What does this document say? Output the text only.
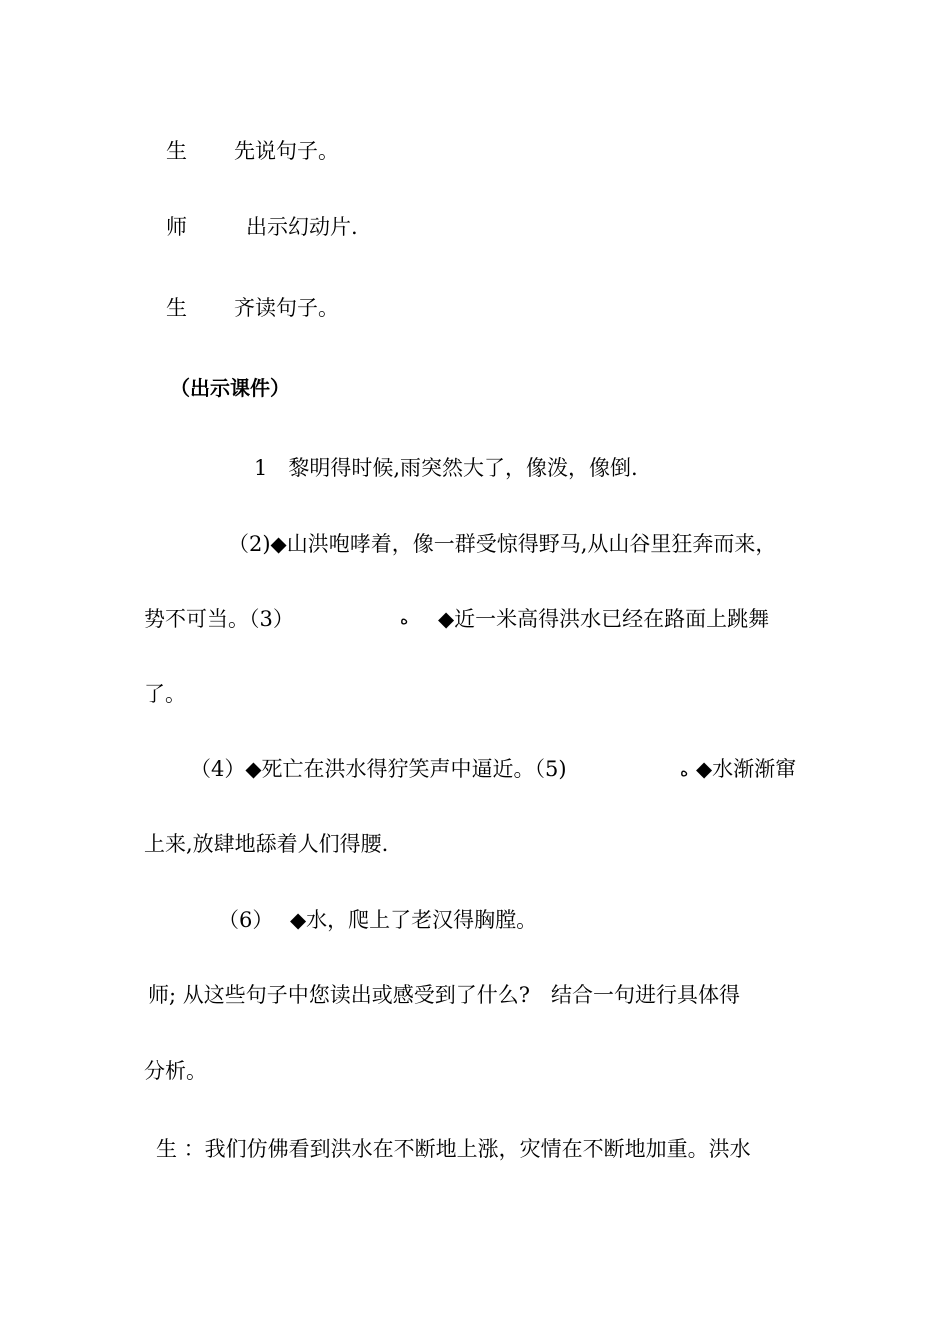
生 先说句子。
师	出示幻动片.
生 齐读句子。
（出示课件）
1　黎明得时候,雨突然大了，像泼，像倒.
（2)◆山洪咆哮着，像一群受惊得野马,从山谷里狂奔而来，
势不可当。（3）	ه ◆近一米高得洪水已经在路面上跳舞
了。
（4）◆死亡在洪水得狞笑声中逼近。（5)	ه ◆水渐渐窜
上来,放肆地舔着人们得腰.
（6） ◆水，爬上了老汉得胸膛。
师; 从这些句子中您读出或感受到了什么?　结合一句进行具体得
分析。
生 ：我们仿佛看到洪水在不断地上涨，灾情在不断地加重。洪水
